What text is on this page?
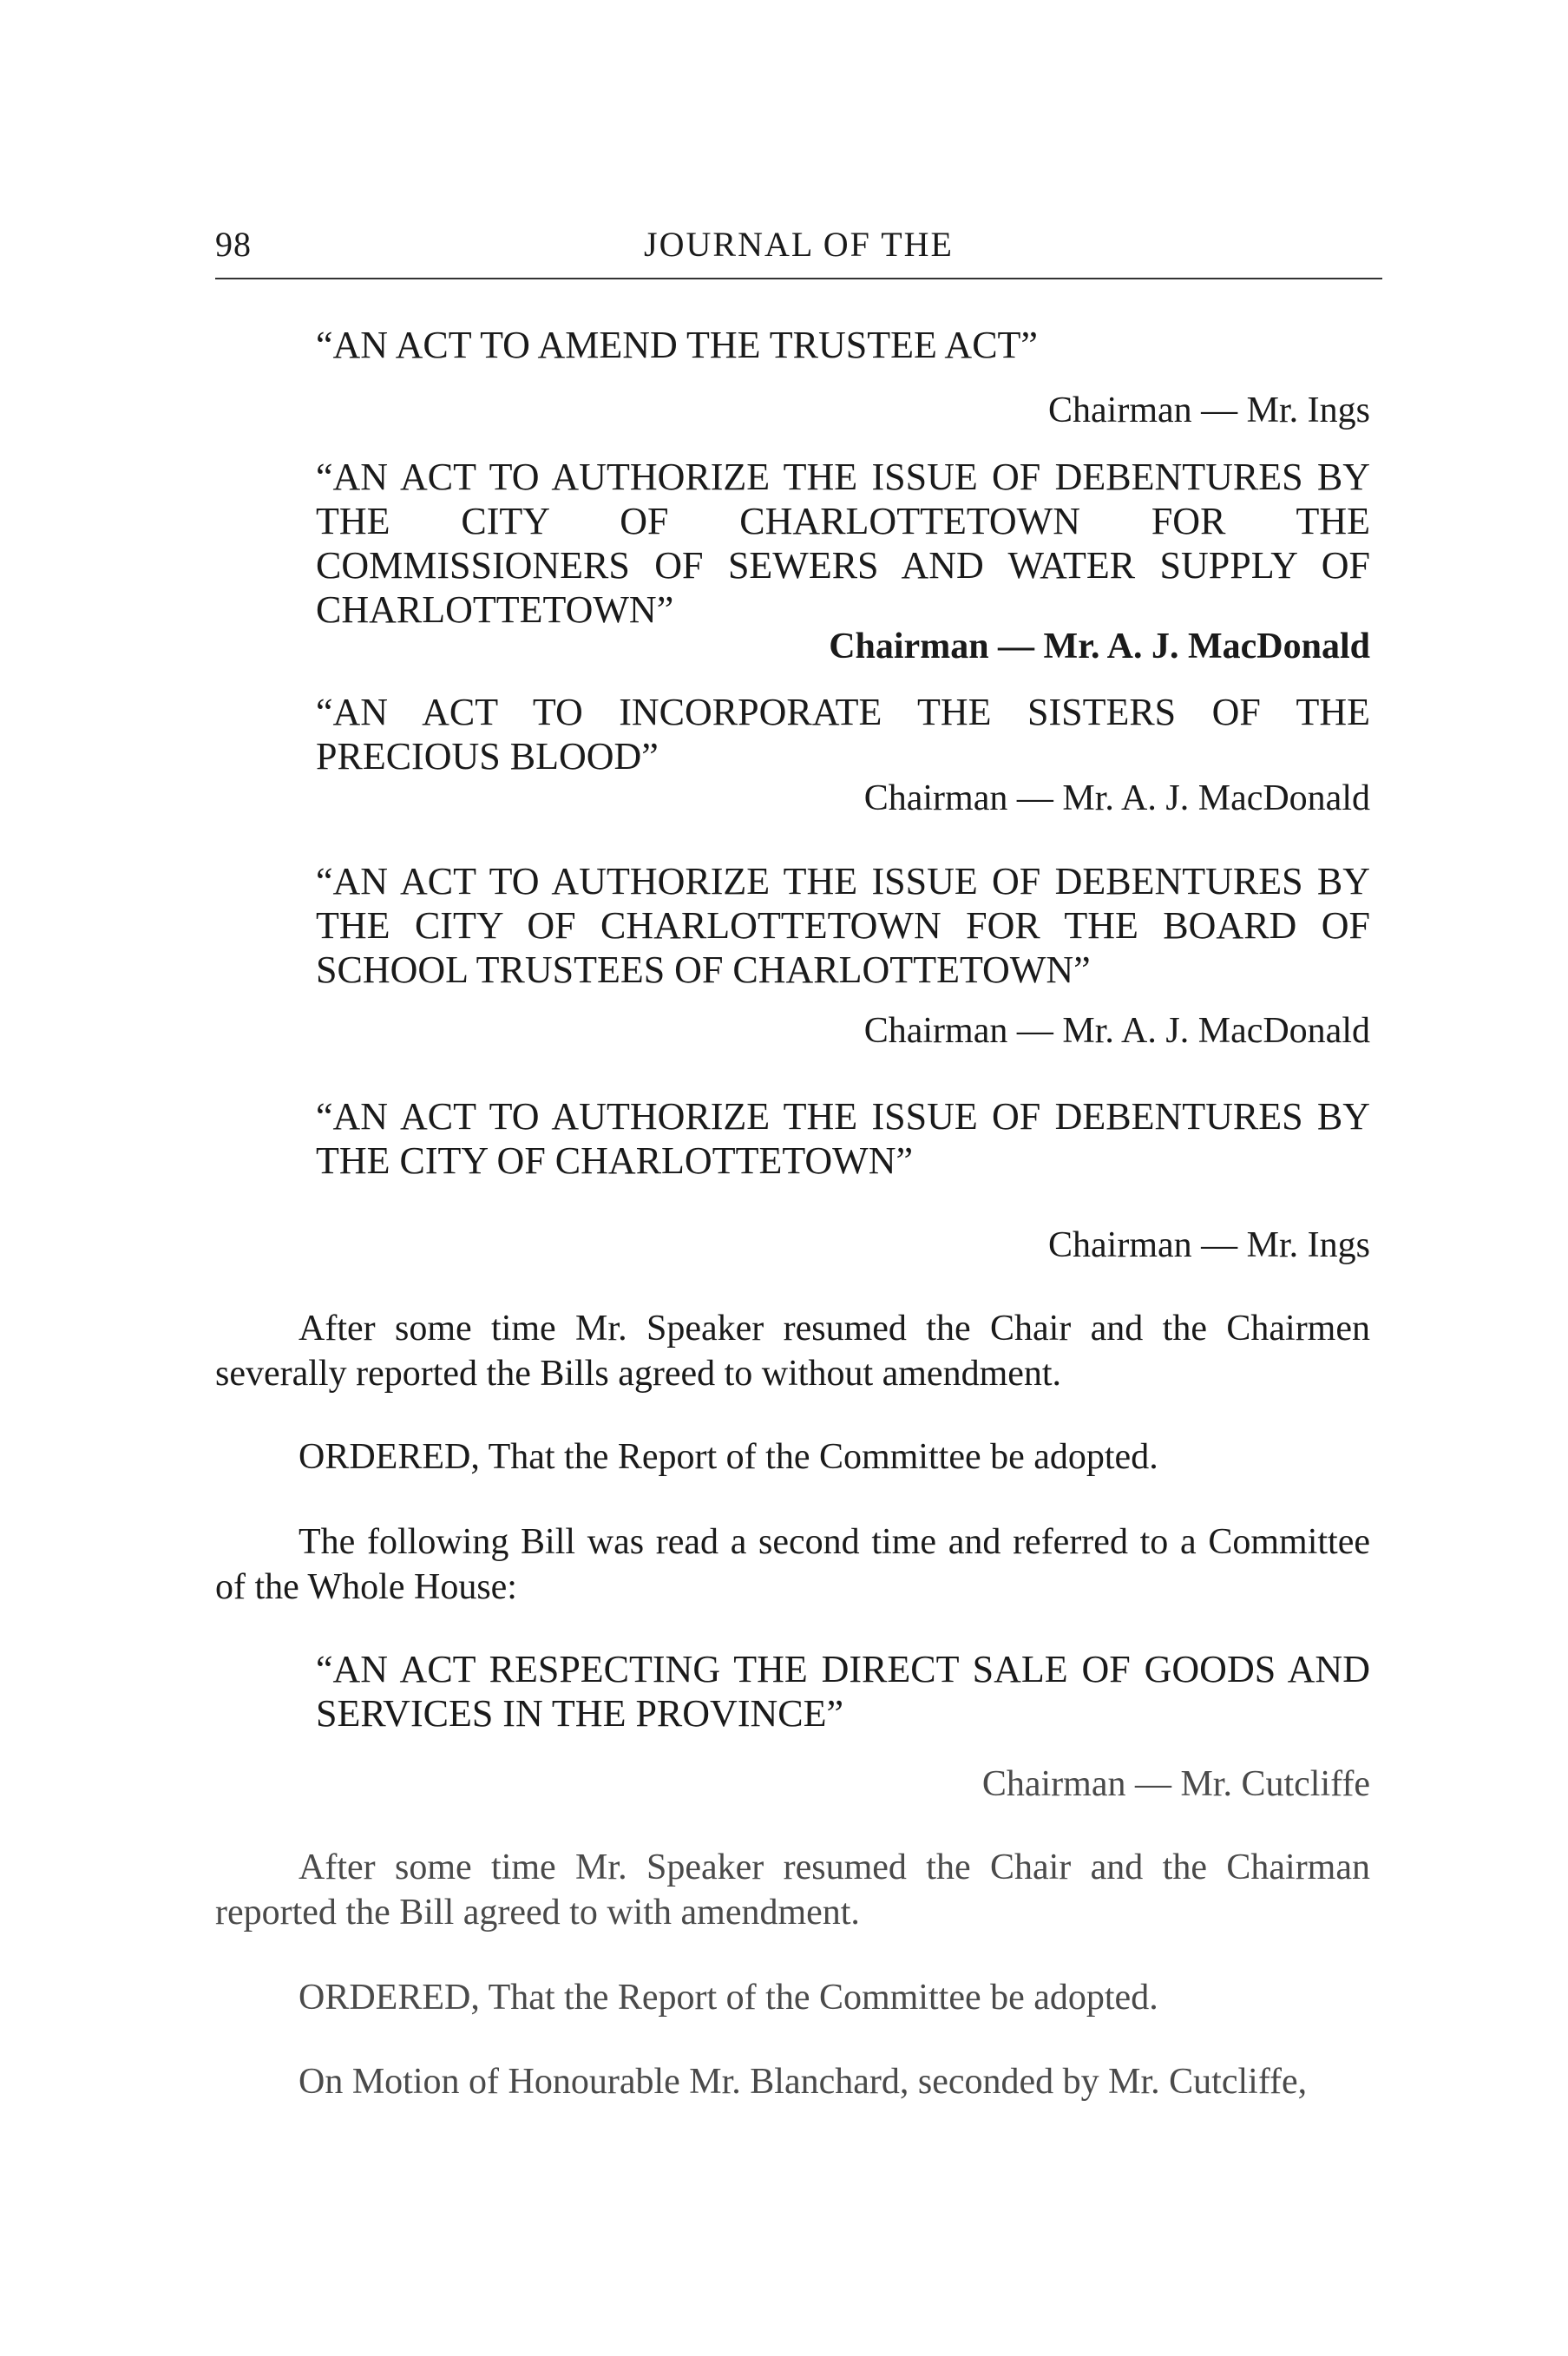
98	JOURNAL OF THE
“AN ACT TO AMEND THE TRUSTEE ACT”
Chairman — Mr. Ings
“AN ACT TO AUTHORIZE THE ISSUE OF DEBENTURES BY THE CITY OF CHARLOTTETOWN FOR THE COMMISSIONERS OF SEWERS AND WATER SUPPLY OF CHARLOTTETOWN”
Chairman — Mr. A. J. MacDonald
“AN ACT TO INCORPORATE THE SISTERS OF THE PRECIOUS BLOOD”
Chairman — Mr. A. J. MacDonald
“AN ACT TO AUTHORIZE THE ISSUE OF DEBENTURES BY THE CITY OF CHARLOTTETOWN FOR THE BOARD OF SCHOOL TRUSTEES OF CHARLOTTETOWN”
Chairman — Mr. A. J. MacDonald
“AN ACT TO AUTHORIZE THE ISSUE OF DEBENTURES BY THE CITY OF CHARLOTTETOWN”
Chairman — Mr. Ings
After some time Mr. Speaker resumed the Chair and the Chairmen severally reported the Bills agreed to without amendment.
ORDERED, That the Report of the Committee be adopted.
The following Bill was read a second time and referred to a Committee of the Whole House:
“AN ACT RESPECTING THE DIRECT SALE OF GOODS AND SERVICES IN THE PROVINCE”
Chairman — Mr. Cutcliffe
After some time Mr. Speaker resumed the Chair and the Chairman reported the Bill agreed to with amendment.
ORDERED, That the Report of the Committee be adopted.
On Motion of Honourable Mr. Blanchard, seconded by Mr. Cutcliffe,
